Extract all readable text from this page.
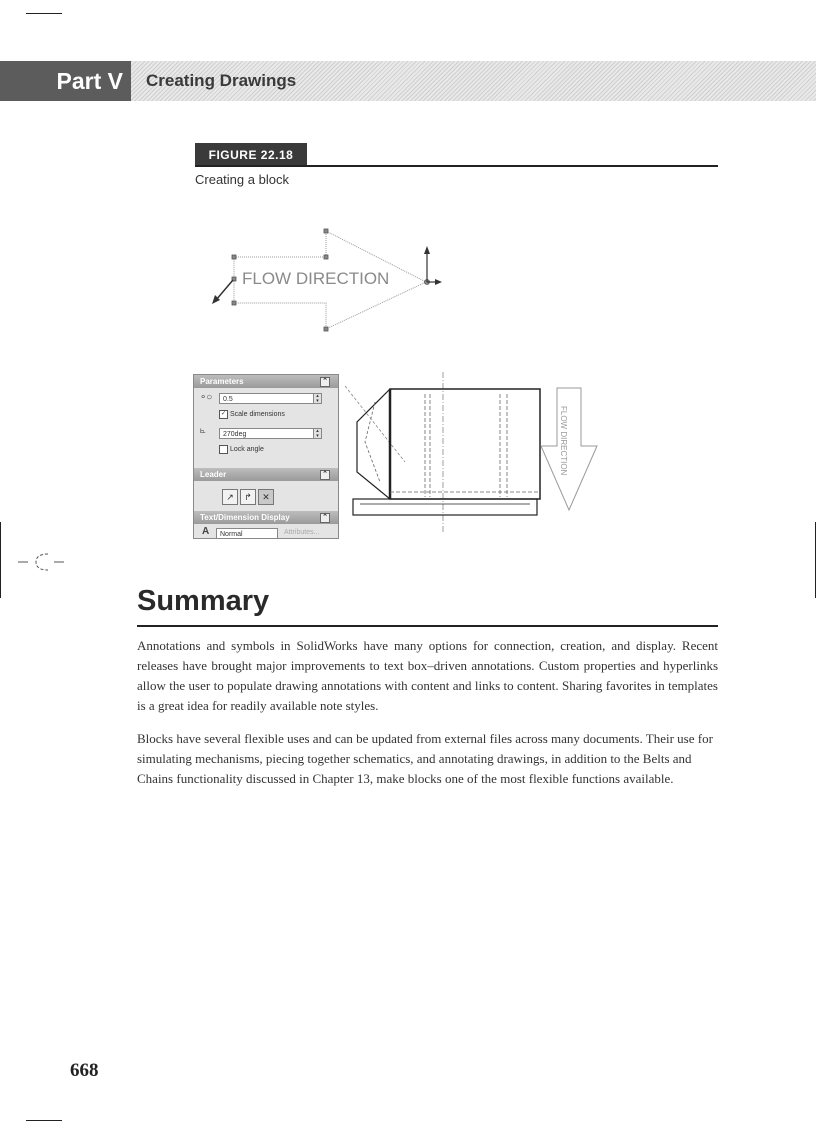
Part V	Creating Drawings
FIGURE 22.18
Creating a block
FLOW DIRECTION
Parameters	⌃
∘○	0.5	▴
▾
✓ Scale dimensions
⦜	270deg	▴
▾
Lock angle
Leader	⌃
↗	↱	✕
Text/Dimension Display	⌃
A	Normal	Attributes...
FLOW DIRECTION
Summary

Annotations and symbols in SolidWorks have many options for connection, creation, and display. Recent releases have brought major improvements to text box–driven annotations. Custom properties and hyperlinks allow the user to populate drawing annotations with content and links to content. Sharing favorites in templates is a great idea for readily available note styles.

Blocks have several flexible uses and can be updated from external files across many documents. Their use for simulating mechanisms, piecing together schematics, and annotating drawings, in addition to the Belts and Chains functionality discussed in Chapter 13, make blocks one of the most flexible functions available.

668
